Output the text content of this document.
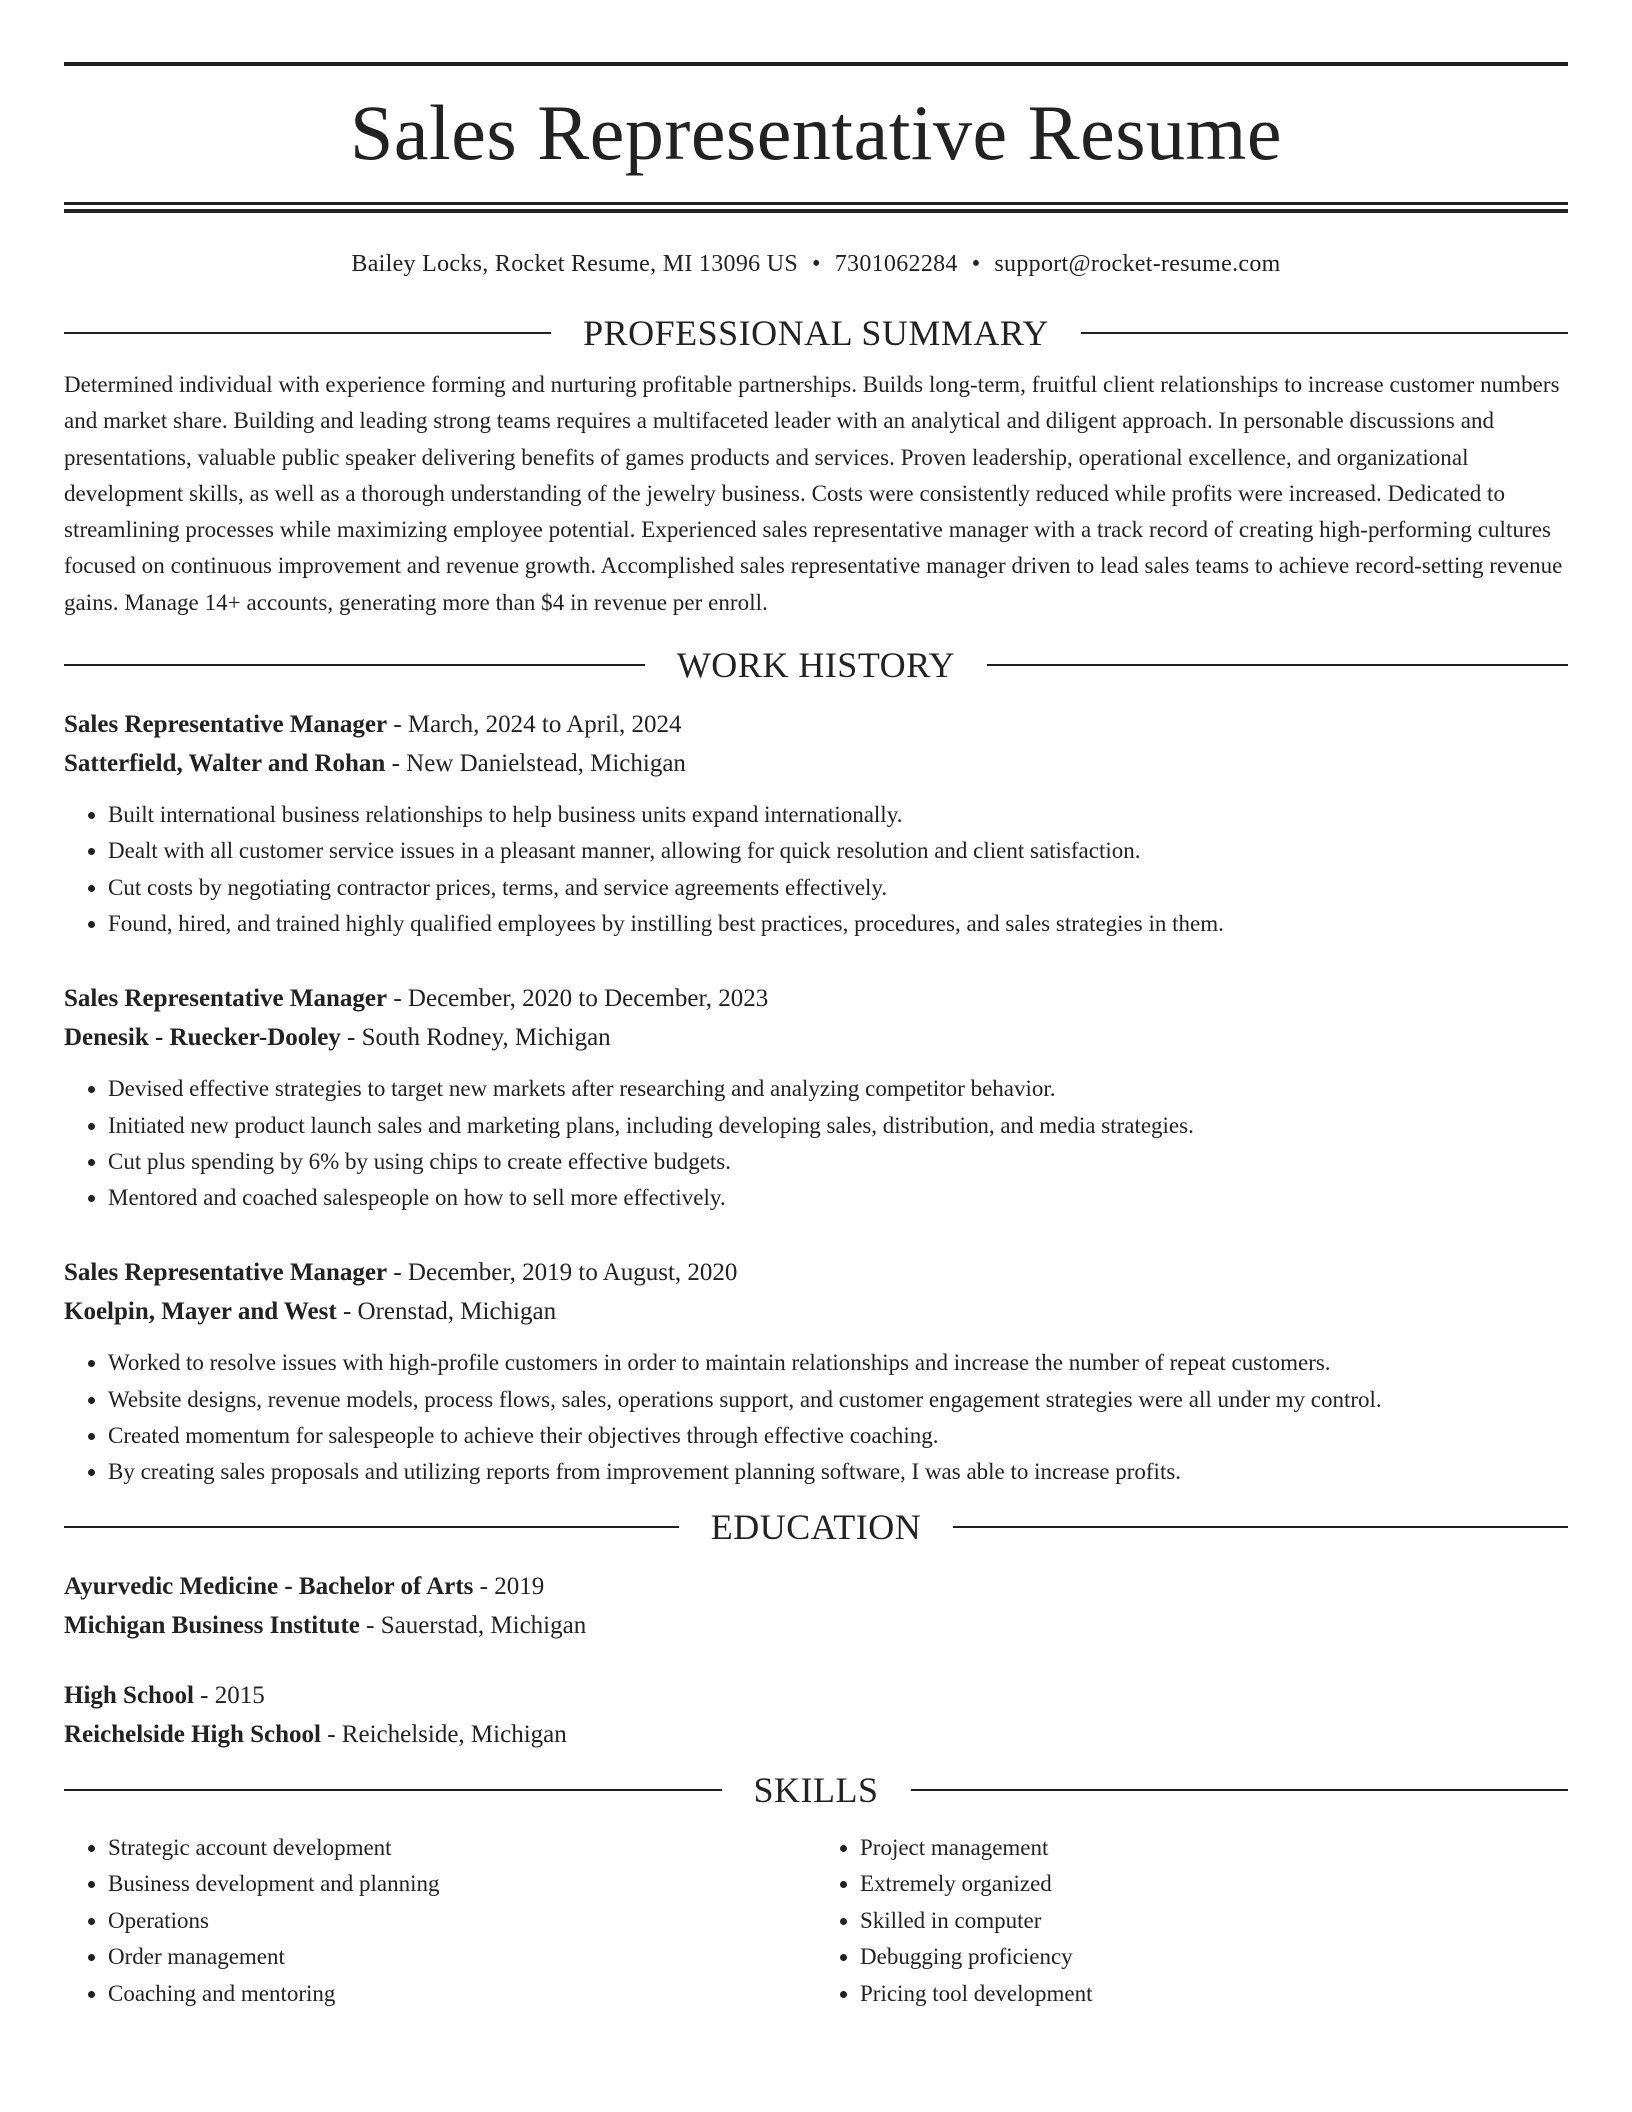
Sales Representative Resume
Bailey Locks, Rocket Resume, MI 13096 US • 7301062284 • support@rocket-resume.com
PROFESSIONAL SUMMARY
Determined individual with experience forming and nurturing profitable partnerships. Builds long-term, fruitful client relationships to increase customer numbers and market share. Building and leading strong teams requires a multifaceted leader with an analytical and diligent approach. In personable discussions and presentations, valuable public speaker delivering benefits of games products and services. Proven leadership, operational excellence, and organizational development skills, as well as a thorough understanding of the jewelry business. Costs were consistently reduced while profits were increased. Dedicated to streamlining processes while maximizing employee potential. Experienced sales representative manager with a track record of creating high-performing cultures focused on continuous improvement and revenue growth. Accomplished sales representative manager driven to lead sales teams to achieve record-setting revenue gains. Manage 14+ accounts, generating more than $4 in revenue per enroll.
WORK HISTORY
Sales Representative Manager - March, 2024 to April, 2024
Satterfield, Walter and Rohan - New Danielstead, Michigan
• Built international business relationships to help business units expand internationally.
• Dealt with all customer service issues in a pleasant manner, allowing for quick resolution and client satisfaction.
• Cut costs by negotiating contractor prices, terms, and service agreements effectively.
• Found, hired, and trained highly qualified employees by instilling best practices, procedures, and sales strategies in them.
Sales Representative Manager - December, 2020 to December, 2023
Denesik - Ruecker-Dooley - South Rodney, Michigan
• Devised effective strategies to target new markets after researching and analyzing competitor behavior.
• Initiated new product launch sales and marketing plans, including developing sales, distribution, and media strategies.
• Cut plus spending by 6% by using chips to create effective budgets.
• Mentored and coached salespeople on how to sell more effectively.
Sales Representative Manager - December, 2019 to August, 2020
Koelpin, Mayer and West - Orenstad, Michigan
• Worked to resolve issues with high-profile customers in order to maintain relationships and increase the number of repeat customers.
• Website designs, revenue models, process flows, sales, operations support, and customer engagement strategies were all under my control.
• Created momentum for salespeople to achieve their objectives through effective coaching.
• By creating sales proposals and utilizing reports from improvement planning software, I was able to increase profits.
EDUCATION
Ayurvedic Medicine - Bachelor of Arts - 2019
Michigan Business Institute - Sauerstad, Michigan
High School - 2015
Reichelside High School - Reichelside, Michigan
SKILLS
• Strategic account development
• Business development and planning
• Operations
• Order management
• Coaching and mentoring
• Project management
• Extremely organized
• Skilled in computer
• Debugging proficiency
• Pricing tool development
